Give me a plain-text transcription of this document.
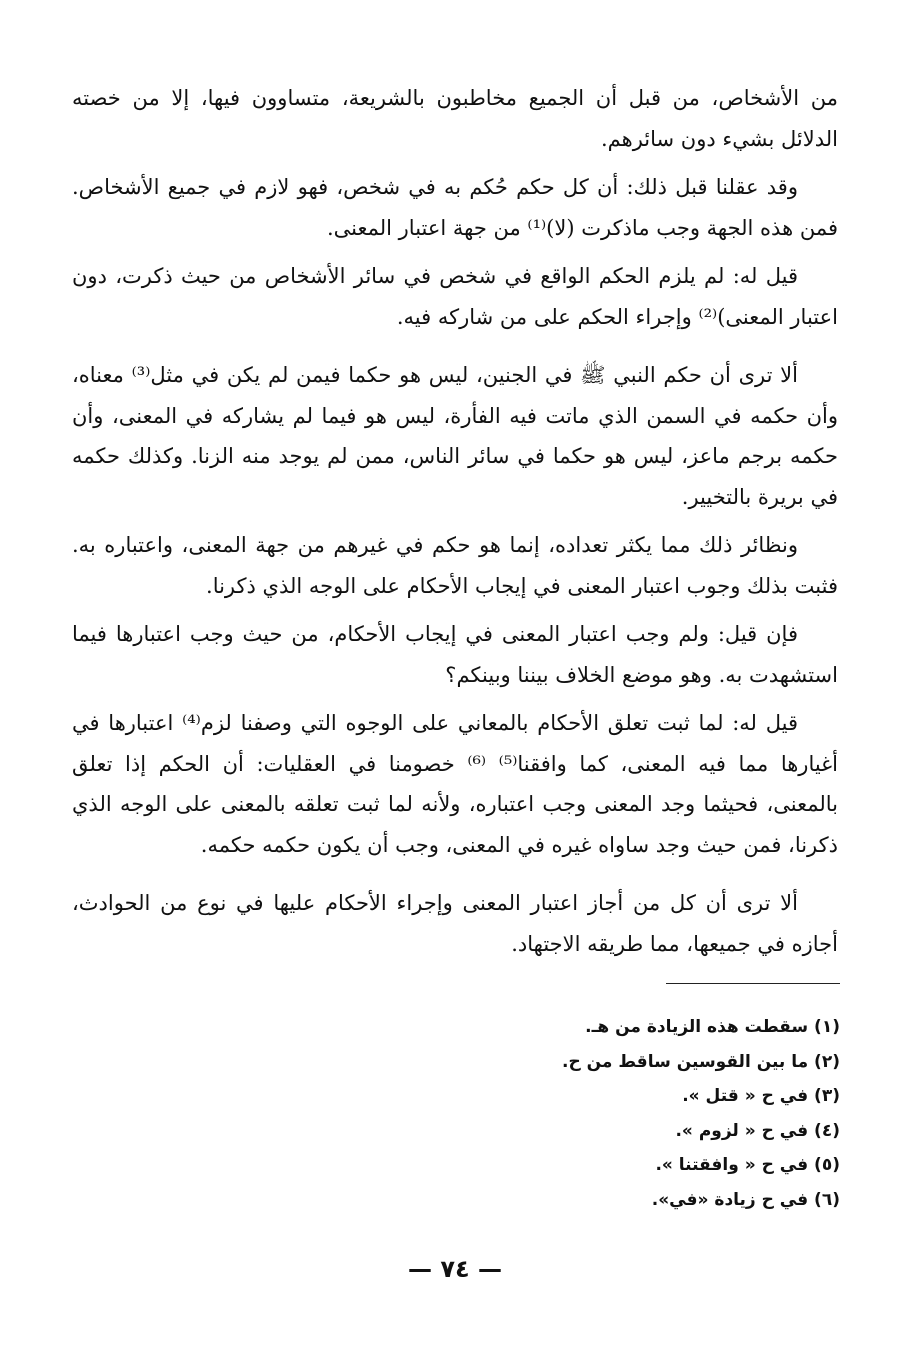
من الأشخاص، من قبل أن الجميع مخاطبون بالشريعة، متساوون فيها، إلا من خصته الدلائل بشيء دون سائرهم.

وقد عقلنا قبل ذلك: أن كل حكم حُكم به في شخص، فهو لازم في جميع الأشخاص. فمن هذه الجهة وجب ماذكرت (لا)⁽¹⁾ من جهة اعتبار المعنى.

قيل له: لم يلزم الحكم الواقع في شخص في سائر الأشخاص من حيث ذكرت، دون اعتبار المعنى)⁽²⁾ وإجراء الحكم على من شاركه فيه.

ألا ترى أن حكم النبي ﷺ في الجنين، ليس هو حكما فيمن لم يكن في مثل⁽³⁾ معناه، وأن حكمه في السمن الذي ماتت فيه الفأرة، ليس هو فيما لم يشاركه في المعنى، وأن حكمه برجم ماعز، ليس هو حكما في سائر الناس، ممن لم يوجد منه الزنا. وكذلك حكمه في بريرة بالتخيير.

ونظائر ذلك مما يكثر تعداده، إنما هو حكم في غيرهم من جهة المعنى، واعتباره به. فثبت بذلك وجوب اعتبار المعنى في إيجاب الأحكام على الوجه الذي ذكرنا.

فإن قيل: ولم وجب اعتبار المعنى في إيجاب الأحكام، من حيث وجب اعتبارها فيما استشهدت به. وهو موضع الخلاف بيننا وبينكم؟

قيل له: لما ثبت تعلق الأحكام بالمعاني على الوجوه التي وصفنا لزم⁽⁴⁾ اعتبارها في أغيارها مما فيه المعنى، كما وافقنا⁽⁵⁾ ⁽⁶⁾ خصومنا في العقليات: أن الحكم إذا تعلق بالمعنى، فحيثما وجد المعنى وجب اعتباره، ولأنه لما ثبت تعلقه بالمعنى على الوجه الذي ذكرنا، فمن حيث وجد ساواه غيره في المعنى، وجب أن يكون حكمه حكمه.

ألا ترى أن كل من أجاز اعتبار المعنى وإجراء الأحكام عليها في نوع من الحوادث، أجازه في جميعها، مما طريقه الاجتهاد.

(١) سقطت هذه الزيادة من هـ.
(٢) ما بين القوسين ساقط من ح.
(٣) في ح « قتل ».
(٤) في ح « لزوم ».
(٥) في ح « وافقتنا ».
(٦) في ح زيادة «في».
— ٧٤ —
